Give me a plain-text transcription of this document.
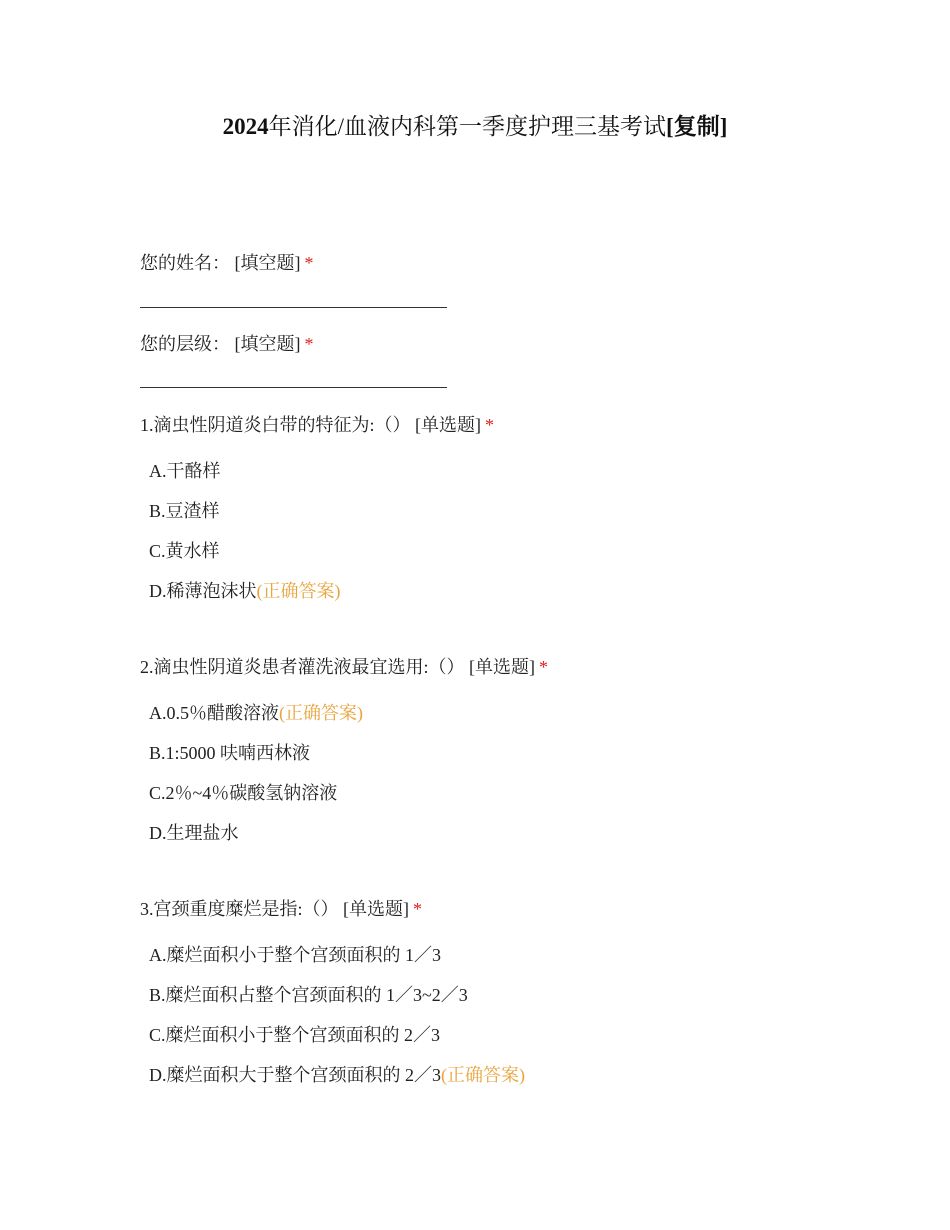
2024年消化/血液内科第一季度护理三基考试[复制]
您的姓名： [填空题] *
您的层级： [填空题] *
1.滴虫性阴道炎白带的特征为:（） [单选题] *
A.干酪样
B.豆渣样
C.黄水样
D.稀薄泡沫状(正确答案)
2.滴虫性阴道炎患者灌洗液最宜选用:（） [单选题] *
A.0.5％醋酸溶液(正确答案)
B.1:5000 呋喃西林液
C.2％~4％碳酸氢钠溶液
D.生理盐水
3.宫颈重度糜烂是指:（） [单选题] *
A.糜烂面积小于整个宫颈面积的 1／3
B.糜烂面积占整个宫颈面积的 1／3~2／3
C.糜烂面积小于整个宫颈面积的 2／3
D.糜烂面积大于整个宫颈面积的 2／3(正确答案)
